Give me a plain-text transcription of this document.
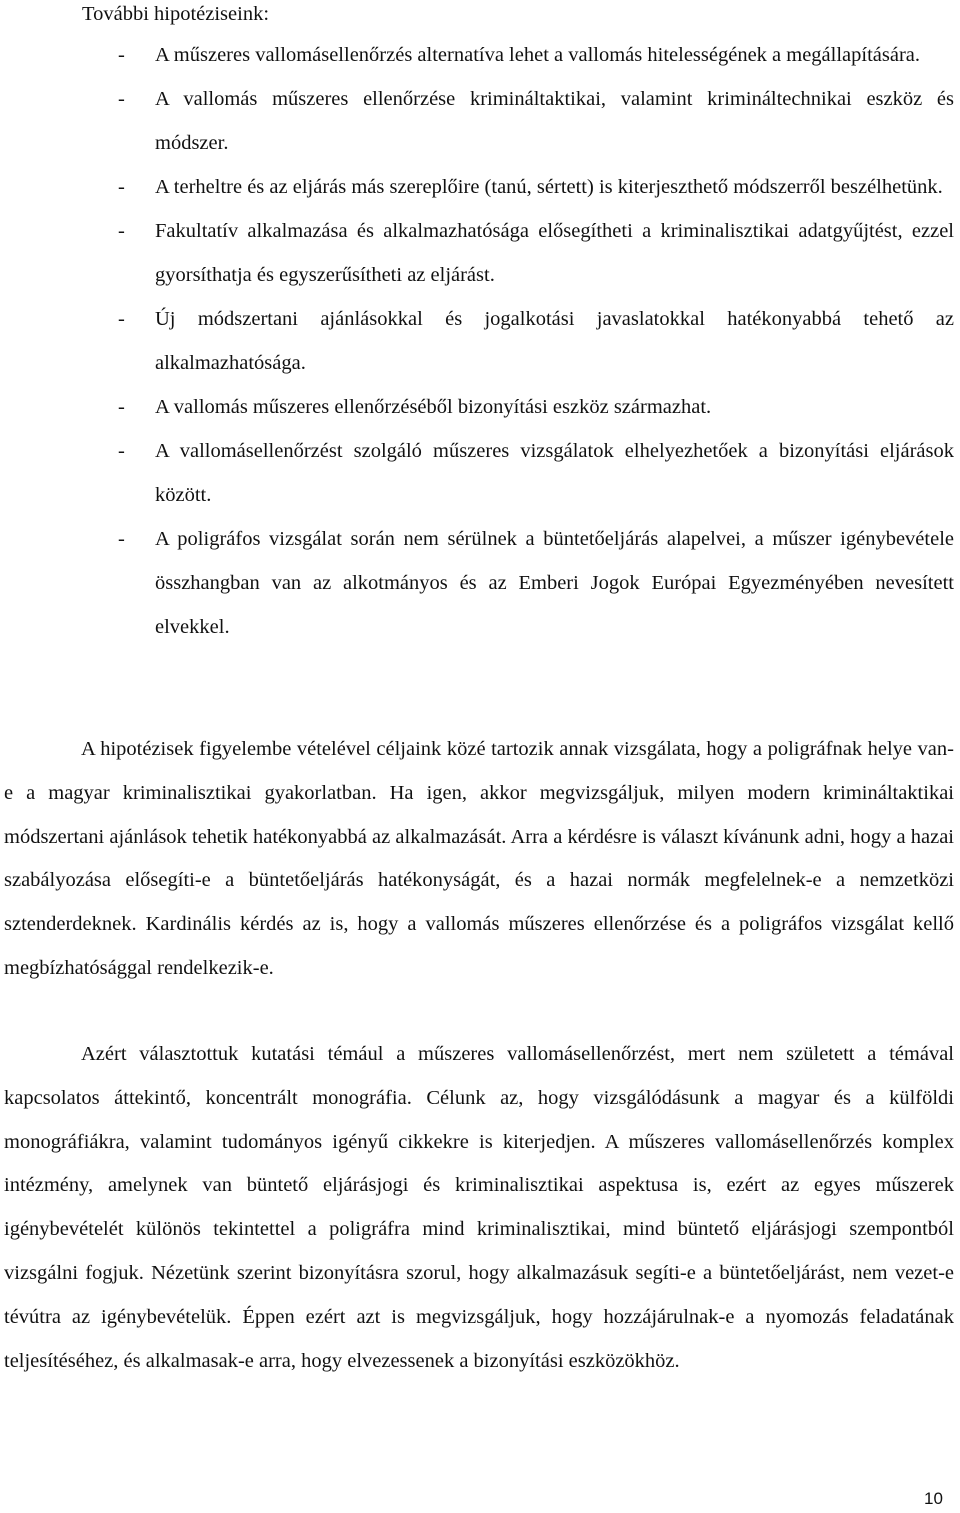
További hipotéziseink:

- A műszeres vallomásellenőrzés alternatíva lehet a vallomás hitelességének a megállapítására.
- A vallomás műszeres ellenőrzése krimináltaktikai, valamint krimináltechnikai eszköz és módszer.
- A terheltre és az eljárás más szereplőire (tanú, sértett) is kiterjeszthető módszerről beszélhetünk.
- Fakultatív alkalmazása és alkalmazhatósága elősegítheti a kriminalisztikai adatgyűjtést, ezzel gyorsíthatja és egyszerűsítheti az eljárást.
- Új módszertani ajánlásokkal és jogalkotási javaslatokkal hatékonyabbá tehető az alkalmazhatósága.
- A vallomás műszeres ellenőrzéséből bizonyítási eszköz származhat.
- A vallomásellenőrzést szolgáló műszeres vizsgálatok elhelyezhetőek a bizonyítási eljárások között.
- A poligráfos vizsgálat során nem sérülnek a büntetőeljárás alapelvei, a műszer igénybevétele összhangban van az alkotmányos és az Emberi Jogok Európai Egyezményében nevesített elvekkel.

A hipotézisek figyelembe vételével céljaink közé tartozik annak vizsgálata, hogy a poligráfnak helye van-e a magyar kriminalisztikai gyakorlatban. Ha igen, akkor megvizsgáljuk, milyen modern krimináltaktikai módszertani ajánlások tehetik hatékonyabbá az alkalmazását. Arra a kérdésre is választ kívánunk adni, hogy a hazai szabályozása elősegíti-e a büntetőeljárás hatékonyságát, és a hazai normák megfelelnek-e a nemzetközi sztenderdeknek. Kardinális kérdés az is, hogy a vallomás műszeres ellenőrzése és a poligráfos vizsgálat kellő megbízhatósággal rendelkezik-e.

Azért választottuk kutatási témául a műszeres vallomásellenőrzést, mert nem született a témával kapcsolatos áttekintő, koncentrált monográfia. Célunk az, hogy vizsgálódásunk a magyar és a külföldi monográfiákra, valamint tudományos igényű cikkekre is kiterjedjen. A műszeres vallomásellenőrzés komplex intézmény, amelynek van büntető eljárásjogi és kriminalisztikai aspektusa is, ezért az egyes műszerek igénybevételét különös tekintettel a poligráfra mind kriminalisztikai, mind büntető eljárásjogi szempontból vizsgálni fogjuk. Nézetünk szerint bizonyításra szorul, hogy alkalmazásuk segíti-e a büntetőeljárást, nem vezet-e tévútra az igénybevételük. Éppen ezért azt is megvizsgáljuk, hogy hozzájárulnak-e a nyomozás feladatának teljesítéséhez, és alkalmasak-e arra, hogy elvezessenek a bizonyítási eszközökhöz.

10
